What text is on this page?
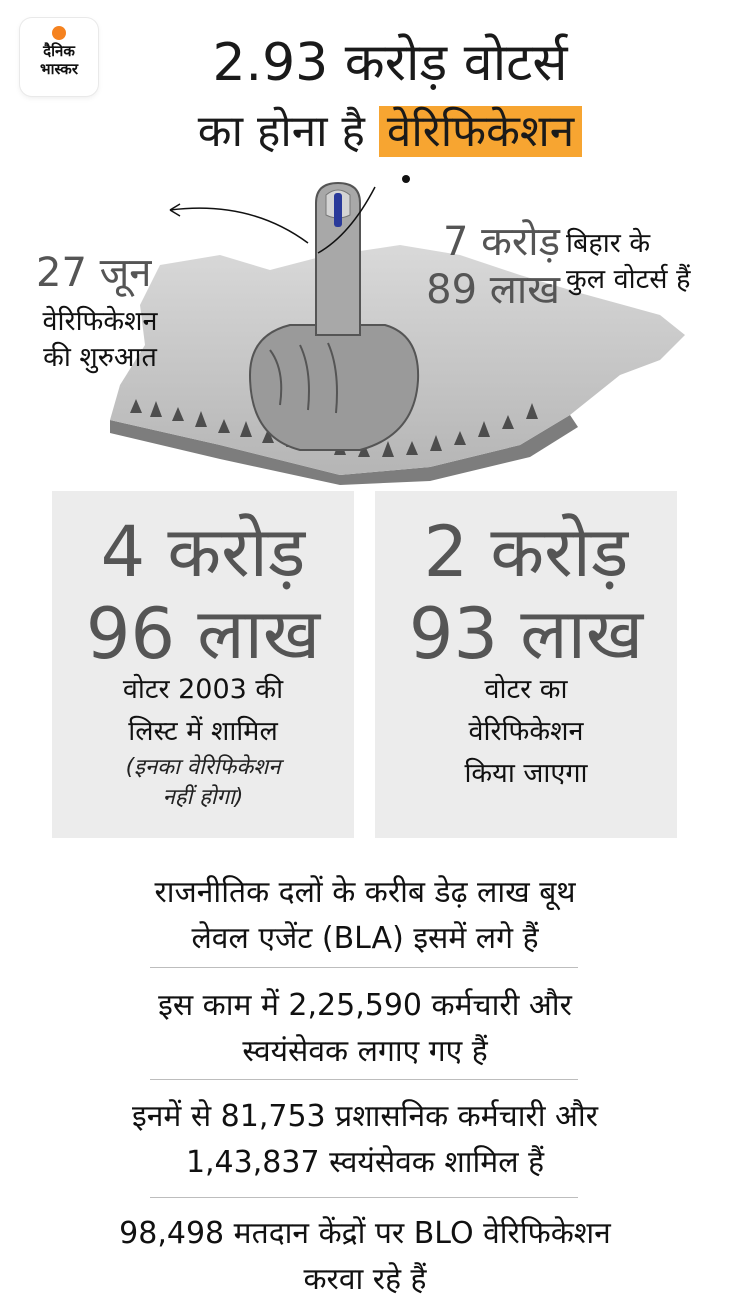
दैनिक
भास्कर	2.93 करोड़ वोटर्स
का होना है वेरिफिकेशन
27 जून
वेरिफिकेशन
की शुरुआत
7 करोड़
89 लाख
बिहार के
कुल वोटर्स हैं
4 करोड़
96 लाख
वोटर 2003 की
लिस्ट में शामिल
(इनका वेरिफिकेशन
नहीं होगा)
2 करोड़
93 लाख
वोटर का
वेरिफिकेशन
किया जाएगा
राजनीतिक दलों के करीब डेढ़ लाख बूथ
लेवल एजेंट (BLA) इसमें लगे हैं
इस काम में 2,25,590 कर्मचारी और
स्वयंसेवक लगाए गए हैं
इनमें से 81,753 प्रशासनिक कर्मचारी और
1,43,837 स्वयंसेवक शामिल हैं
98,498 मतदान केंद्रों पर BLO वेरिफिकेशन
करवा रहे हैं
